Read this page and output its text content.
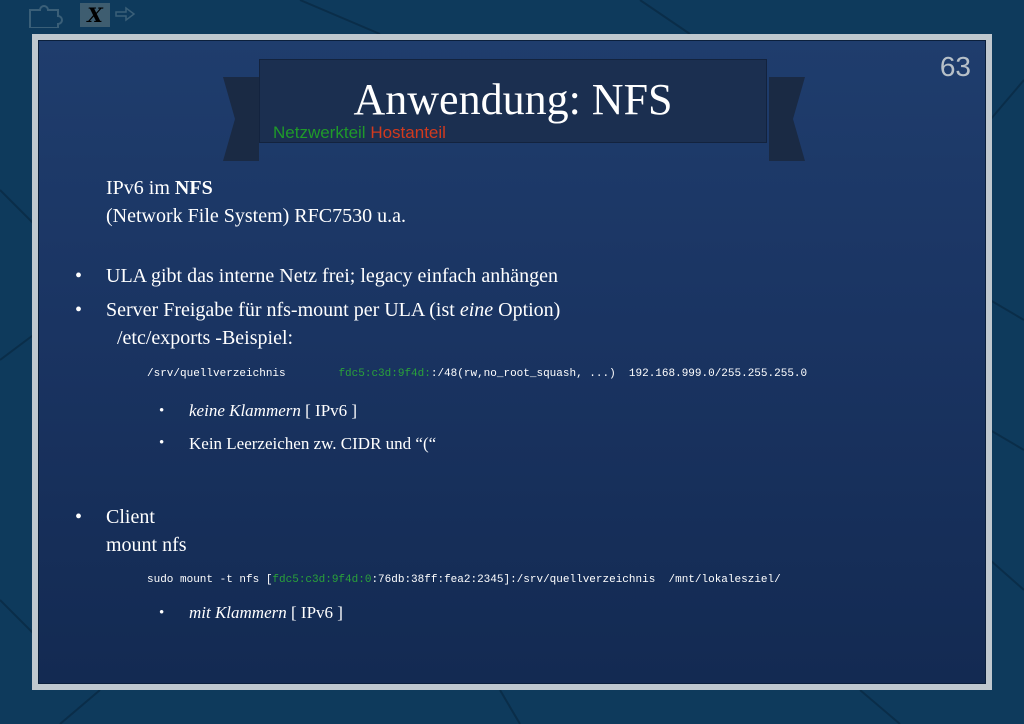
X
63
Anwendung: NFS
Netzwerkteil Hostanteil
IPv6 im NFS
(Network File System) RFC7530 u.a.
• ULA gibt das interne Netz frei; legacy einfach anhängen
• Server Freigabe für nfs-mount per ULA (ist eine Option)
/etc/exports -Beispiel:
/srv/quellverzeichnis        fdc5:c3d:9f4d::/48(rw,no_root_squash, ...)  192.168.999.0/255.255.255.0
• keine Klammern [ IPv6 ]
• Kein Leerzeichen zw. CIDR und “(“
• Client
mount nfs
sudo mount -t nfs [fdc5:c3d:9f4d:0:76db:38ff:fea2:2345]:/srv/quellverzeichnis  /mnt/lokalesziel/
• mit Klammern [ IPv6 ]
